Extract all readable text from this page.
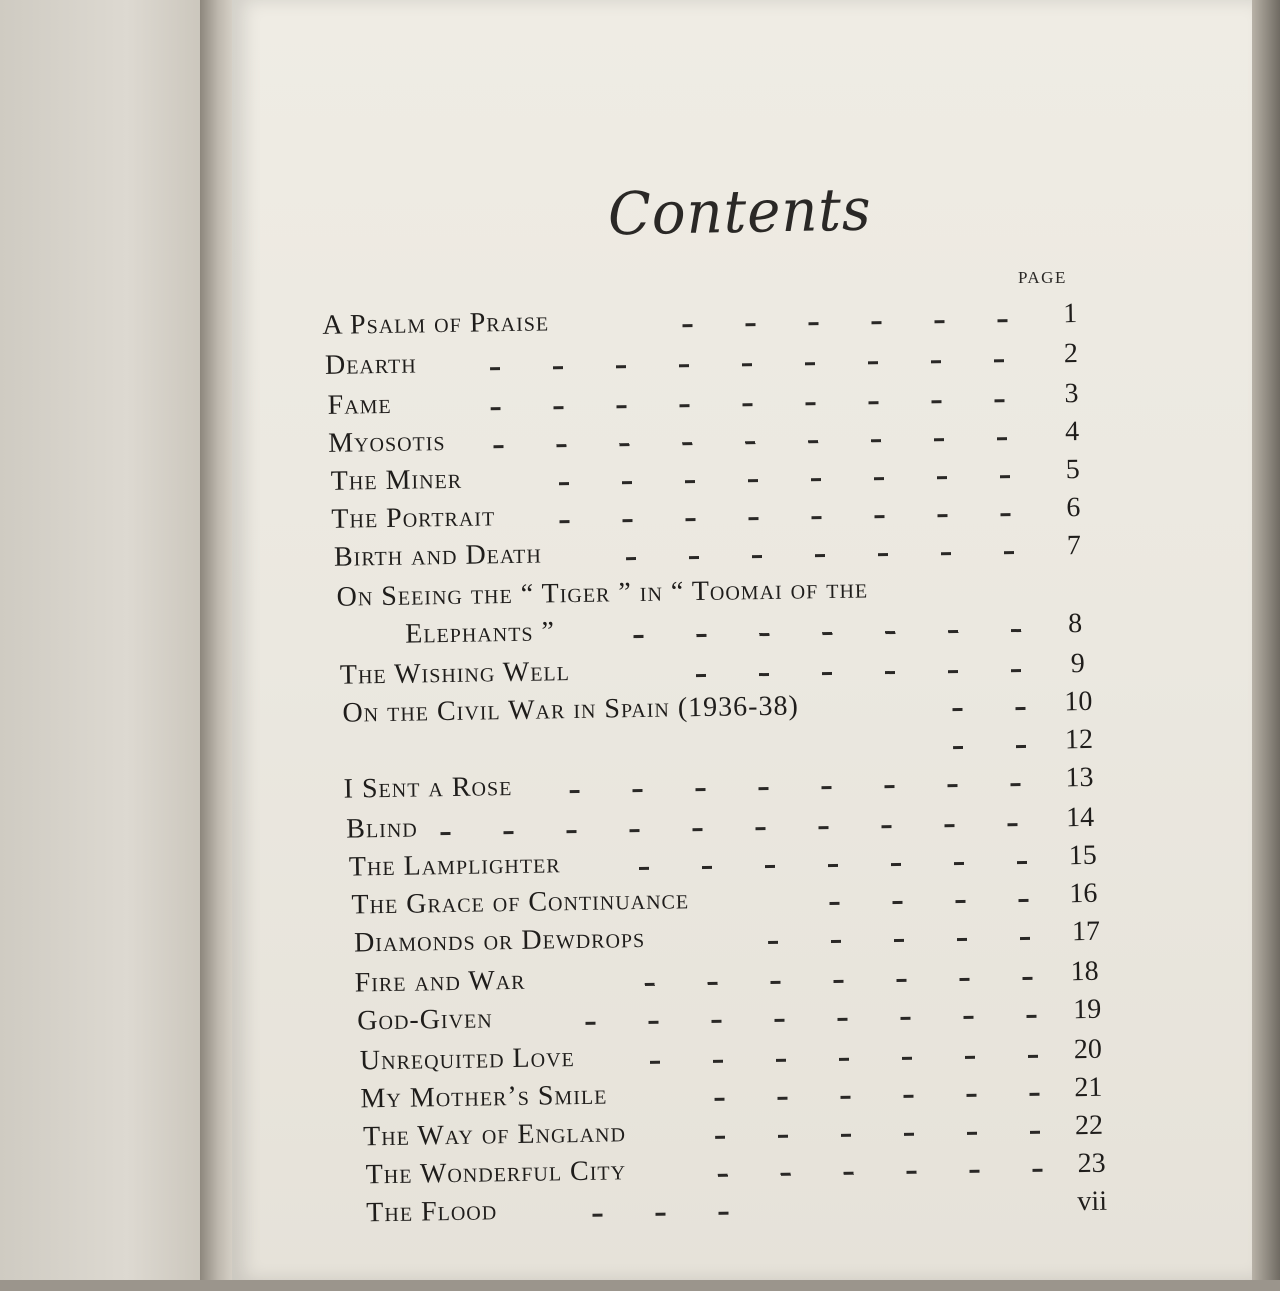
Contents
PAGE
A Psalm of Praise	1
Dearth	2
Fame	3
Myosotis	4
The Miner	5
The Portrait	6
Birth and Death	7
On Seeing the “ Tiger ” in “ Toomai of the
Elephants ”	8
The Wishing Well	9
On the Civil War in Spain (1936-38)	10
12
I Sent a Rose	13
Blind	14
The Lamplighter	15
The Grace of Continuance	16
Diamonds or Dewdrops	17
Fire and War	18
God-Given	19
Unrequited Love	20
My Mother’s Smile	21
The Way of England	22
The Wonderful City	23
The Flood	vii
